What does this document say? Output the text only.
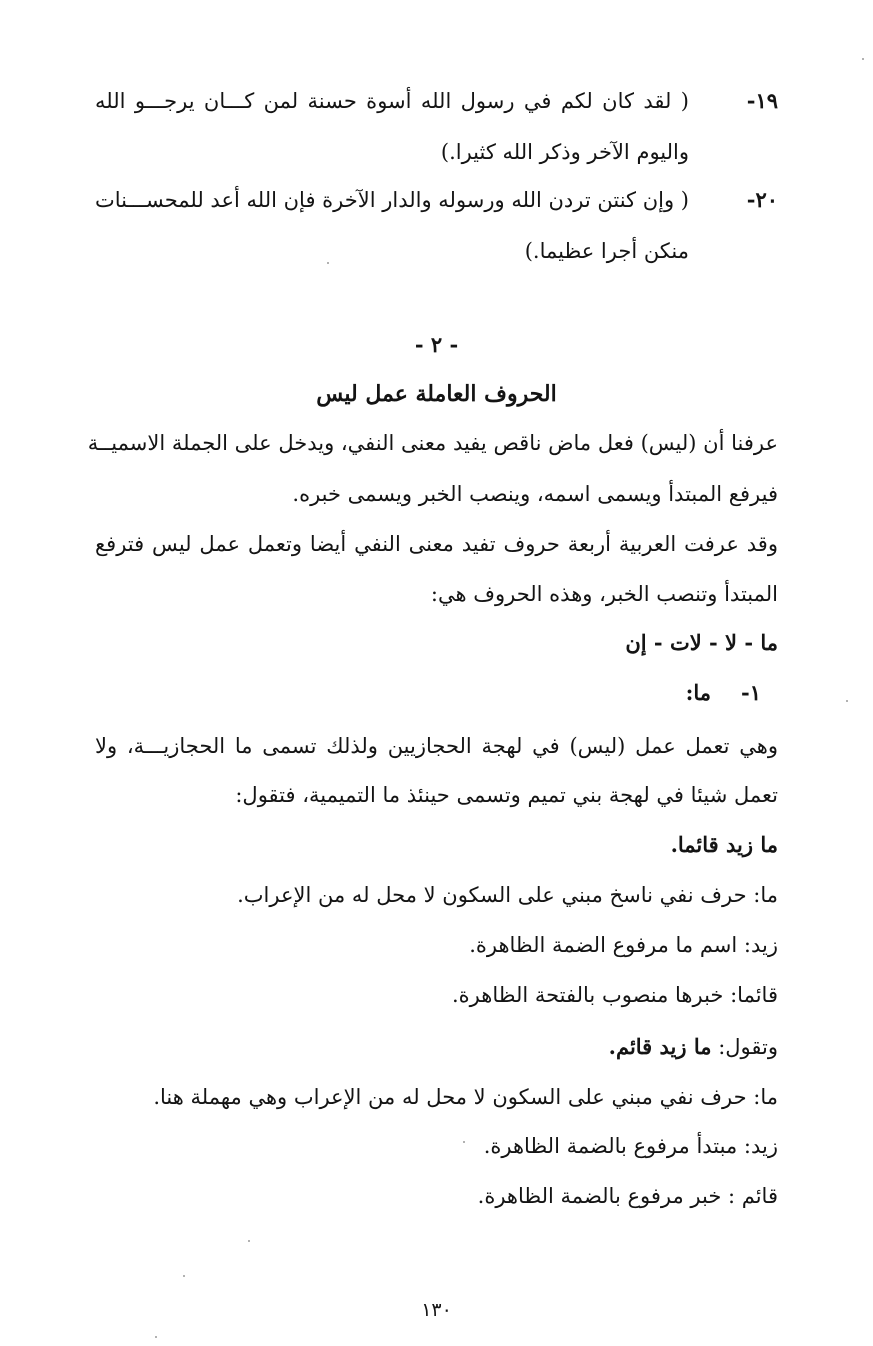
١٩-
( لقد كان لكم في رسول الله أسوة حسنة لمن كـــان يرجـــو الله
واليوم الآخر وذكر الله كثيرا.)
٢٠-
( وإن كنتن تردن الله ورسوله والدار الآخرة فإن الله أعد للمحســـنات
منكن أجرا عظيما.)
- ٢ -
الحروف العاملة عمل ليس
عرفنا أن (ليس) فعل ماض ناقص يفيد معنى النفي، ويدخل على الجملة الاسميــة
فيرفع المبتدأ ويسمى اسمه، وينصب الخبر ويسمى خبره.
وقد عرفت العربية أربعة حروف تفيد معنى النفي أيضا وتعمل عمل ليس فترفع
المبتدأ وتنصب الخبر، وهذه الحروف هي:
ما - لا - لات - إن
١-
ما:
وهي تعمل عمل (ليس) في لهجة الحجازيين ولذلك تسمى ما الحجازيـــة، ولا
تعمل شيئا في لهجة بني تميم وتسمى حينئذ ما التميمية، فتقول:
ما زيد قائما.
ما: حرف نفي ناسخ مبني على السكون لا محل له من الإعراب.
زيد: اسم ما مرفوع الضمة الظاهرة.
قائما: خبرها منصوب بالفتحة الظاهرة.
وتقول: ما زيد قائم.
ما: حرف نفي مبني على السكون لا محل له من الإعراب وهي مهملة هنا.
زيد: مبتدأ مرفوع بالضمة الظاهرة.
قائم : خبر مرفوع بالضمة الظاهرة.
١٣٠
